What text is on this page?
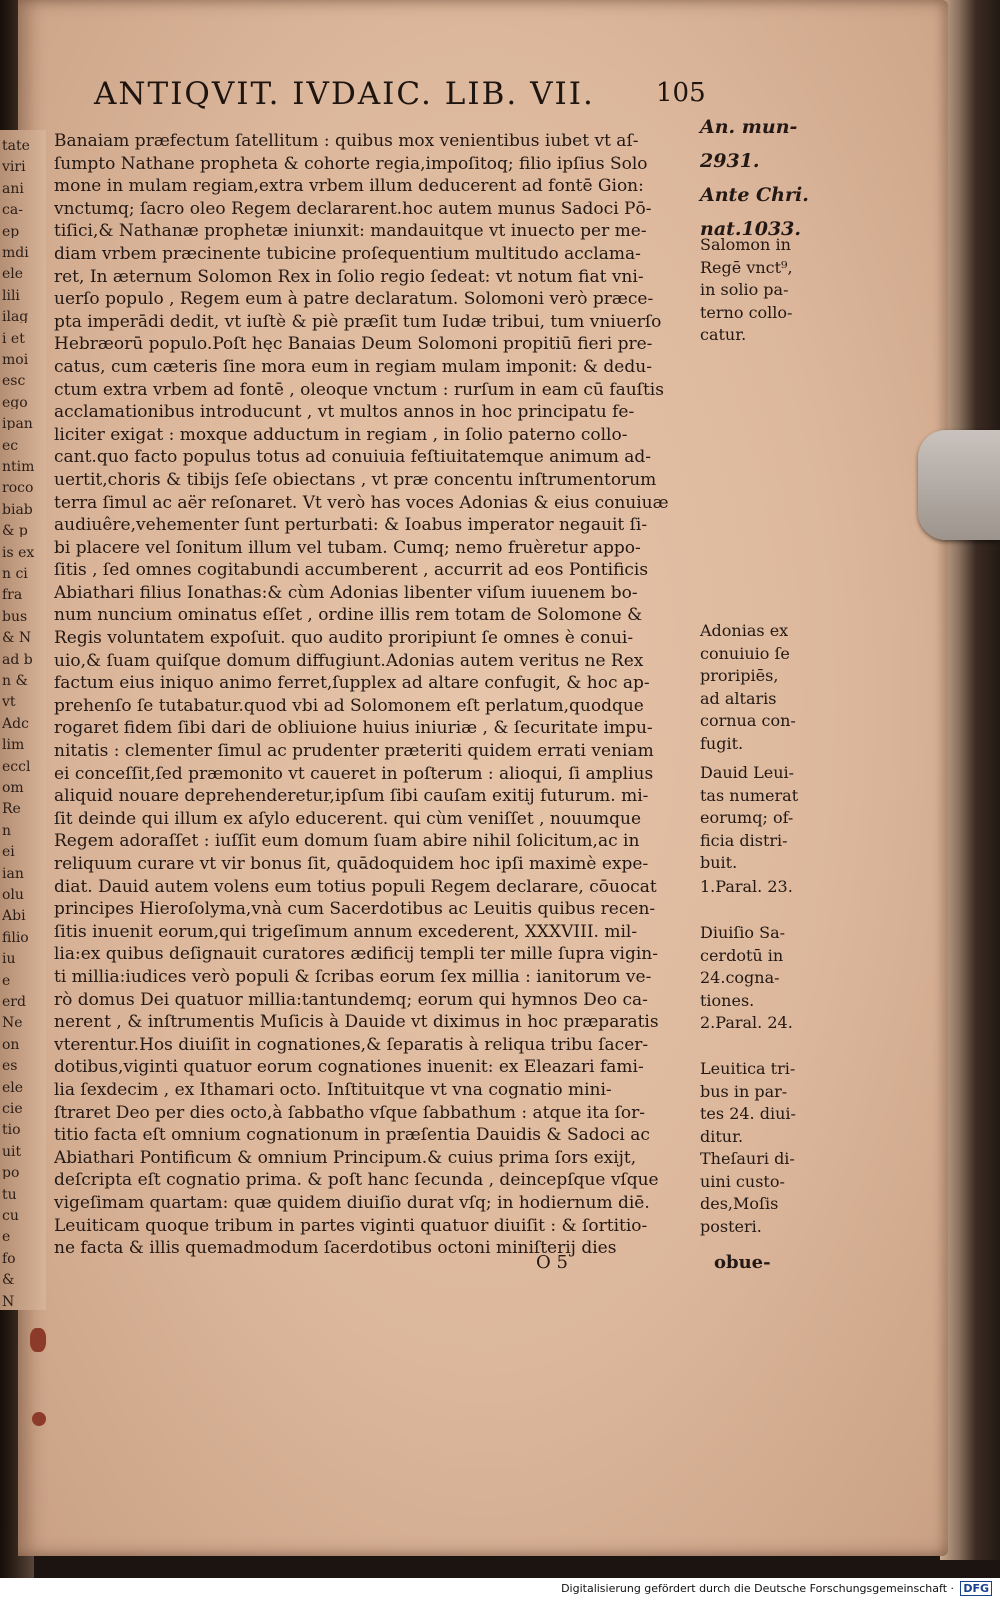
tate
viri
ani
ca-
ep
mdi
ele
lili
ilag
i et
moi
esc
ego
ipan
ec
ntim
roco
biab
& p
is ex
n ci
fra
bus
& N
ad b
n &
vt
Adc
lim
eccl
om
Re
n
ei
ian
olu
Abi
filio
iu
e
erd
Ne
on
es
ele
cie
tio
uit
po
tu
cu
e
fo
&
N
ANTIQVIT. IVDAIC. LIB. VII.	105
An. mun-
2931.
Ante Chri.
nat.1033.
Banaiam præfectum ſatellitum : quibus mox venientibus iubet vt aſ-
ſumpto Nathane propheta & cohorte regia,impoſitoq; filio ipſius Solo
mone in mulam regiam,extra vrbem illum deducerent ad fontē Gion:
vnctumq; ſacro oleo Regem declararent.hoc autem munus Sadoci Pō-
tiſici,& Nathanæ prophetæ iniunxit: mandauitque vt inuecto per me-
diam vrbem præcinente tubicine proſequentium multitudo acclama-
ret, In æternum Solomon Rex in ſolio regio ſedeat: vt notum fiat vni-
uerſo populo , Regem eum à patre declaratum. Solomoni verò præce-
pta imperādi dedit, vt iuſtè & piè præſit tum Iudæ tribui, tum vniuerſo
Hebræorū populo.Poſt hęc Banaias Deum Solomoni propitiū fieri pre-
catus, cum cæteris ſine mora eum in regiam mulam imponit: & dedu-
ctum extra vrbem ad fontē , oleoque vnctum : rurſum in eam cū fauſtis
acclamationibus introducunt , vt multos annos in hoc principatu fe-
liciter exigat : moxque adductum in regiam , in ſolio paterno collo-
cant.quo facto populus totus ad conuiuia feſtiuitatemque animum ad-
uertit,choris & tibijs ſeſe obiectans , vt præ concentu inſtrumentorum
terra ſimul ac aër reſonaret. Vt verò has voces Adonias & eius conuiuæ
audiuêre,vehementer ſunt perturbati: & Ioabus imperator negauit ſi-
bi placere vel ſonitum illum vel tubam. Cumq; nemo fruèretur appo-
ſitis , ſed omnes cogitabundi accumberent , accurrit ad eos Pontificis
Abiathari filius Ionathas:& cùm Adonias libenter viſum iuuenem bo-
num nuncium ominatus eſſet , ordine illis rem totam de Solomone &
Regis voluntatem expoſuit. quo audito proripiunt ſe omnes è conui-
uio,& ſuam quiſque domum diffugiunt.Adonias autem veritus ne Rex
factum eius iniquo animo ferret,ſupplex ad altare confugit, & hoc ap-
prehenſo ſe tutabatur.quod vbi ad Solomonem eſt perlatum,quodque
rogaret fidem ſibi dari de obliuione huius iniuriæ , & ſecuritate impu-
nitatis : clementer ſimul ac prudenter præteriti quidem errati veniam
ei conceſſit,ſed præmonito vt caueret in poſterum : alioqui, ſi amplius
aliquid nouare deprehenderetur,ipſum ſibi cauſam exitij futurum. mi-
ſit deinde qui illum ex aſylo educerent. qui cùm veniſſet , nouumque
Regem adoraſſet : iuſſit eum domum ſuam abire nihil ſolicitum,ac in
reliquum curare vt vir bonus ſit, quādoquidem hoc ipſi maximè expe-
diat. Dauid autem volens eum totius populi Regem declarare, cōuocat
principes Hieroſolyma,vnà cum Sacerdotibus ac Leuitis quibus recen-
ſitis inuenit eorum,qui trigeſimum annum excederent, XXXVIII. mil-
lia:ex quibus deſignauit curatores ædificij templi ter mille ſupra vigin-
ti millia:iudices verò populi & ſcribas eorum ſex millia : ianitorum ve-
rò domus Dei quatuor millia:tantundemq; eorum qui hymnos Deo ca-
nerent , & inſtrumentis Muſicis à Dauide vt diximus in hoc præparatis
vterentur.Hos diuiſit in cognationes,& ſeparatis à reliqua tribu ſacer-
dotibus,viginti quatuor eorum cognationes inuenit: ex Eleazari fami-
lia ſexdecim , ex Ithamari octo. Inſtituitque vt vna cognatio mini-
ſtraret Deo per dies octo,à ſabbatho vſque ſabbathum : atque ita ſor-
titio facta eſt omnium cognationum in præſentia Dauidis & Sadoci ac
Abiathari Pontificum & omnium Principum.& cuius prima ſors exijt,
deſcripta eſt cognatio prima. & poſt hanc ſecunda , deincepſque vſque
vigeſimam quartam: quæ quidem diuiſio durat vſq; in hodiernum diē.
Leuiticam quoque tribum in partes viginti quatuor diuiſit : & ſortitio-
ne facta & illis quemadmodum ſacerdotibus octoni miniſterij dies
Salomon in
Regē vnct⁹,
in solio pa-
terno collo-
catur.
Adonias ex
conuiuio ſe
proripiēs,
ad altaris
cornua con-
fugit.
Dauid Leui-
tas numerat
eorumq; of-
ficia distri-
buit.
1.Paral. 23.
Diuiſio Sa-
cerdotū in
24.cogna-
tiones.
2.Paral. 24.
Leuitica tri-
bus in par-
tes 24. diui-
ditur.
Theſauri di-
uini custo-
des,Moſis
posteri.
O 5	obue-
Digitalisierung gefördert durch die Deutsche Forschungsgemeinschaft · DFG
